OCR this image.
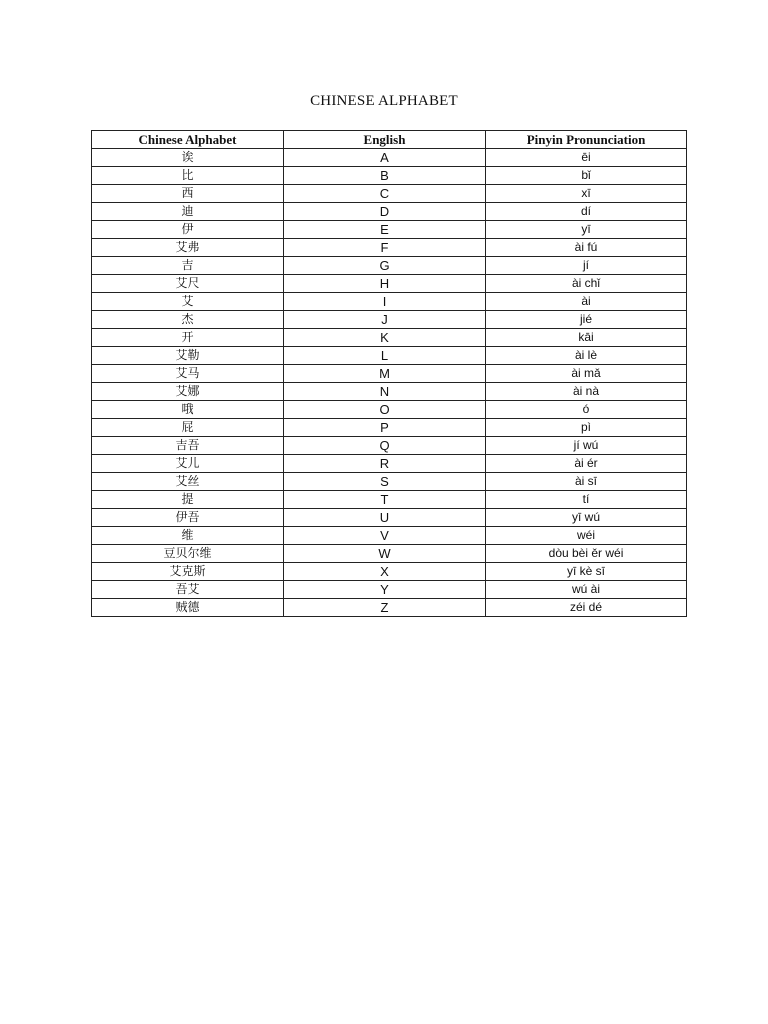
CHINESE ALPHABET
Chinese Alphabet	English	Pinyin Pronunciation
诶	A	ēi
比	B	bǐ
西	C	xī
迪	D	dí
伊	E	yī
艾弗	F	ài fú
吉	G	jí
艾尺	H	ài chǐ
艾	I	ài
杰	J	jié
开	K	kāi
艾勒	L	ài lè
艾马	M	ài mǎ
艾娜	N	ài nà
哦	O	ó
屁	P	pì
吉吾	Q	jí wú
艾儿	R	ài ér
艾丝	S	ài sī
提	T	tí
伊吾	U	yī wú
维	V	wéi
豆贝尔维	W	dòu bèi ěr wéi
艾克斯	X	yī kè sī
吾艾	Y	wú ài
贼德	Z	zéi dé
